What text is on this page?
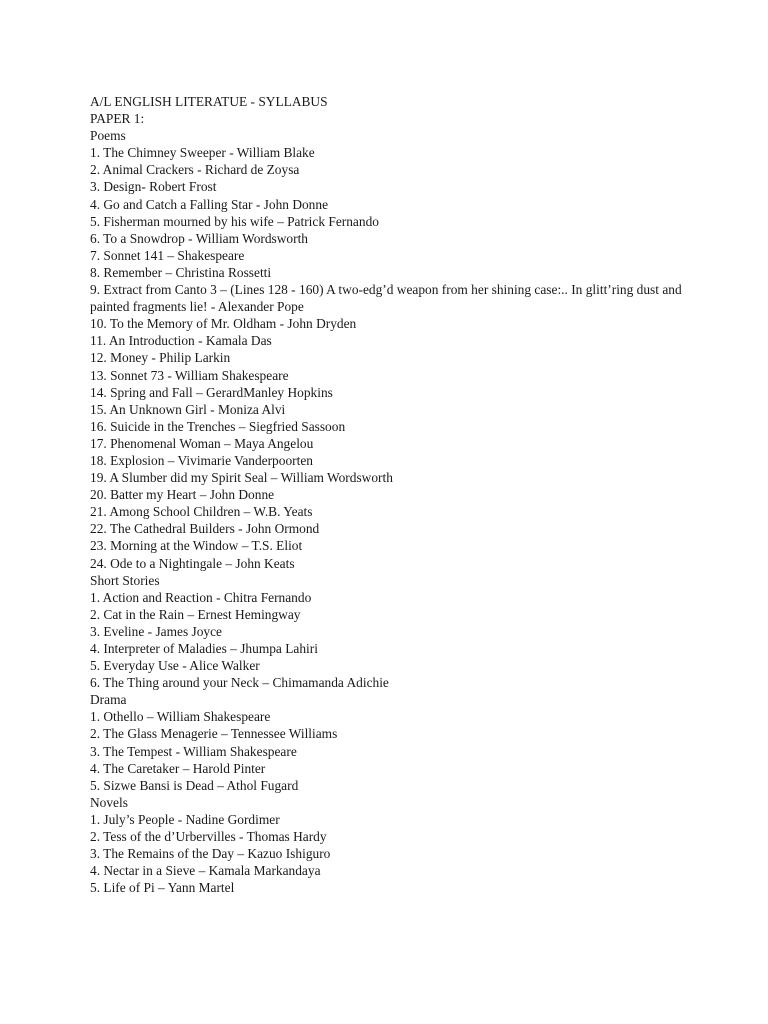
A/L ENGLISH LITERATUE - SYLLABUS
PAPER 1:
Poems
1. The Chimney Sweeper - William Blake
2. Animal Crackers - Richard de Zoysa
3. Design- Robert Frost
4. Go and Catch a Falling Star - John Donne
5. Fisherman mourned by his wife – Patrick Fernando
6. To a Snowdrop - William Wordsworth
7. Sonnet 141 – Shakespeare
8. Remember – Christina Rossetti
9. Extract from Canto 3 – (Lines 128 - 160) A two-edg’d weapon from her shining case:.. In glitt’ring dust and painted fragments lie! - Alexander Pope
10. To the Memory of Mr. Oldham - John Dryden
11. An Introduction - Kamala Das
12. Money - Philip Larkin
13. Sonnet 73 - William Shakespeare
14. Spring and Fall – GerardManley Hopkins
15. An Unknown Girl - Moniza Alvi
16. Suicide in the Trenches – Siegfried Sassoon
17. Phenomenal Woman – Maya Angelou
18. Explosion – Vivimarie Vanderpoorten
19. A Slumber did my Spirit Seal – William Wordsworth
20. Batter my Heart – John Donne
21. Among School Children – W.B. Yeats
22. The Cathedral Builders - John Ormond
23. Morning at the Window – T.S. Eliot
24. Ode to a Nightingale – John Keats
Short Stories
1. Action and Reaction - Chitra Fernando
2. Cat in the Rain – Ernest Hemingway
3. Eveline - James Joyce
4. Interpreter of Maladies – Jhumpa Lahiri
5. Everyday Use - Alice Walker
6. The Thing around your Neck – Chimamanda Adichie
Drama
1. Othello – William Shakespeare
2. The Glass Menagerie – Tennessee Williams
3. The Tempest - William Shakespeare
4. The Caretaker – Harold Pinter
5. Sizwe Bansi is Dead – Athol Fugard
Novels
1. July’s People - Nadine Gordimer
2. Tess of the d’Urbervilles - Thomas Hardy
3. The Remains of the Day – Kazuo Ishiguro
4. Nectar in a Sieve – Kamala Markandaya
5. Life of Pi – Yann Martel
